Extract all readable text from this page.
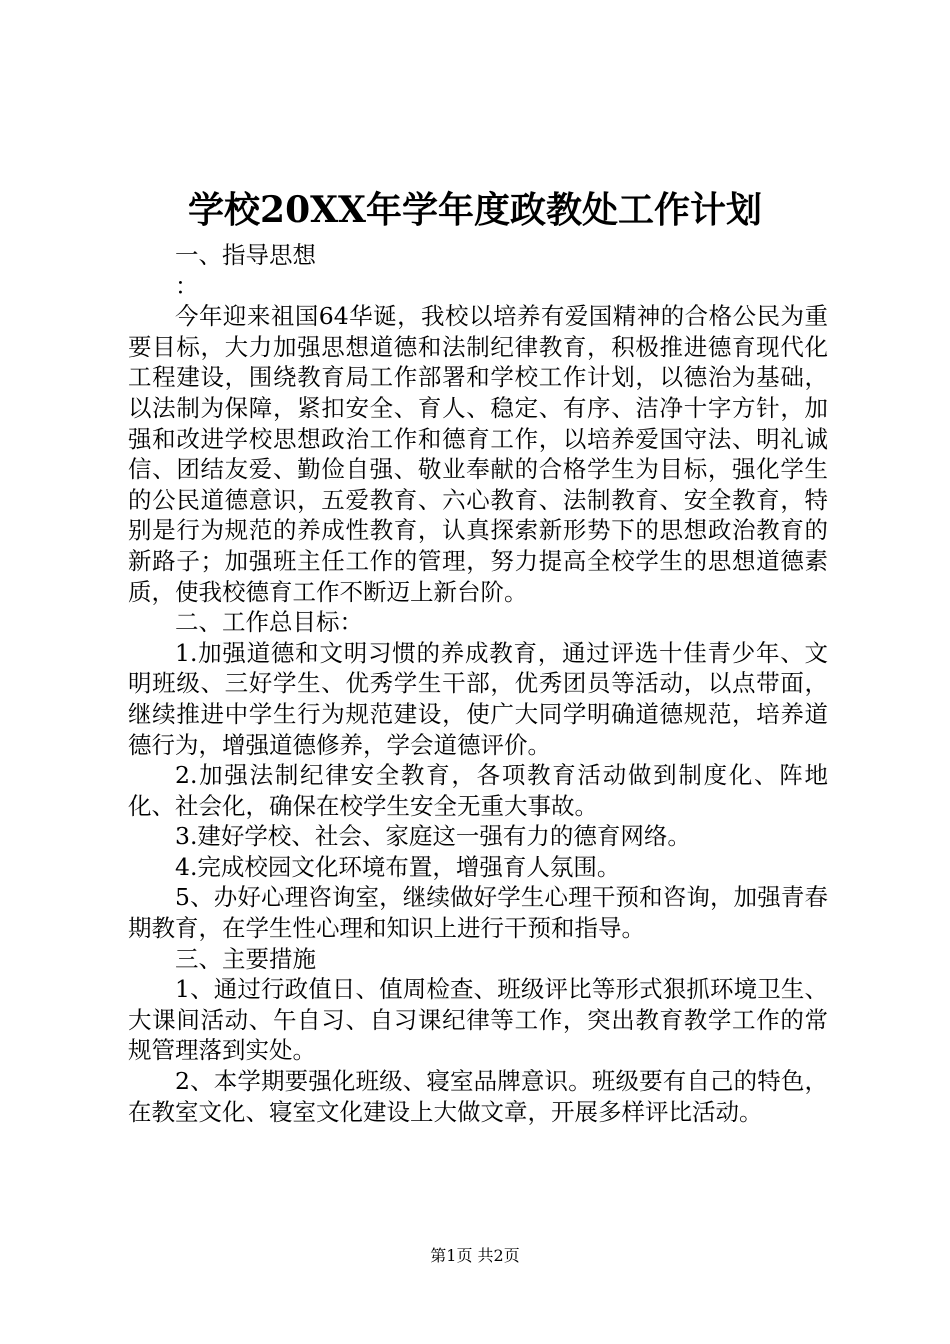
学校20XX年学年度政教处工作计划

一、指导思想

：

今年迎来祖国64华诞，我校以培养有爱国精神的合格公民为重要目标，大力加强思想道德和法制纪律教育，积极推进德育现代化工程建设，围绕教育局工作部署和学校工作计划，以德治为基础，以法制为保障，紧扣安全、育人、稳定、有序、洁净十字方针，加强和改进学校思想政治工作和德育工作，以培养爱国守法、明礼诚信、团结友爱、勤俭自强、敬业奉献的合格学生为目标，强化学生的公民道德意识，五爱教育、六心教育、法制教育、安全教育，特别是行为规范的养成性教育，认真探索新形势下的思想政治教育的新路子；加强班主任工作的管理，努力提高全校学生的思想道德素质，使我校德育工作不断迈上新台阶。

二、工作总目标：

1.加强道德和文明习惯的养成教育，通过评选十佳青少年、文明班级、三好学生、优秀学生干部，优秀团员等活动，以点带面，继续推进中学生行为规范建设，使广大同学明确道德规范，培养道德行为，增强道德修养，学会道德评价。

2.加强法制纪律安全教育，各项教育活动做到制度化、阵地化、社会化，确保在校学生安全无重大事故。

3.建好学校、社会、家庭这一强有力的德育网络。

4.完成校园文化环境布置，增强育人氛围。

5、办好心理咨询室，继续做好学生心理干预和咨询，加强青春期教育，在学生性心理和知识上进行干预和指导。

三、主要措施

1、通过行政值日、值周检查、班级评比等形式狠抓环境卫生、大课间活动、午自习、自习课纪律等工作，突出教育教学工作的常规管理落到实处。

2、本学期要强化班级、寝室品牌意识。班级要有自己的特色，在教室文化、寝室文化建设上大做文章，开展多样评比活动。

第1页 共2页
